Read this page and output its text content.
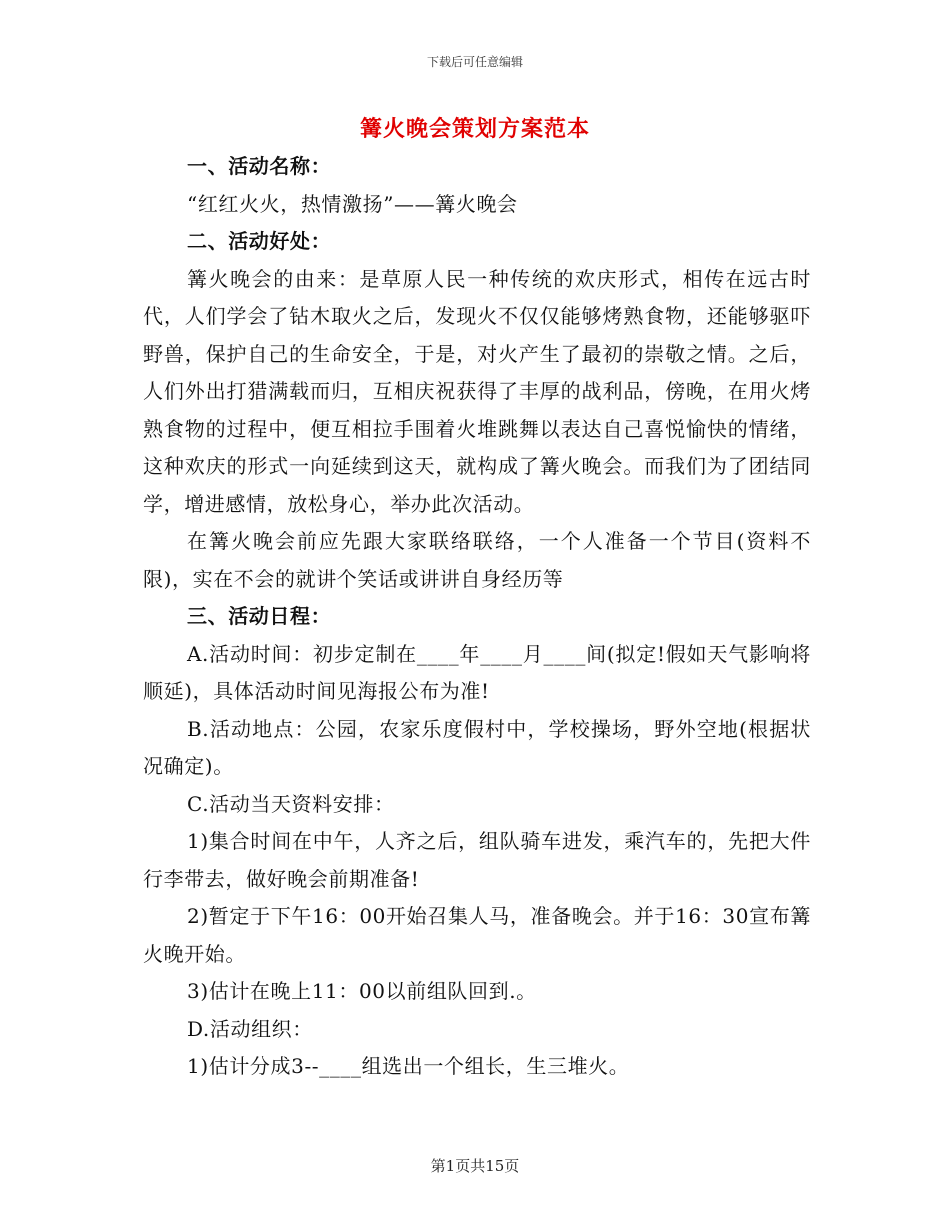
下载后可任意编辑
篝火晚会策划方案范本

一、活动名称：

“红红火火，热情激扬”——篝火晚会

二、活动好处：

篝火晚会的由来：是草原人民一种传统的欢庆形式，相传在远古时代，人们学会了钻木取火之后，发现火不仅仅能够烤熟食物，还能够驱吓野兽，保护自己的生命安全，于是，对火产生了最初的崇敬之情。之后，人们外出打猎满载而归，互相庆祝获得了丰厚的战利品，傍晚，在用火烤熟食物的过程中，便互相拉手围着火堆跳舞以表达自己喜悦愉快的情绪，这种欢庆的形式一向延续到这天，就构成了篝火晚会。而我们为了团结同学，增进感情，放松身心，举办此次活动。

在篝火晚会前应先跟大家联络联络，一个人准备一个节目(资料不限)，实在不会的就讲个笑话或讲讲自身经历等

三、活动日程：

A.活动时间：初步定制在____年____月____间(拟定!假如天气影响将顺延)，具体活动时间见海报公布为准!

B.活动地点：公园，农家乐度假村中，学校操场，野外空地(根据状况确定)。

C.活动当天资料安排：

1)集合时间在中午，人齐之后，组队骑车进发，乘汽车的，先把大件行李带去，做好晚会前期准备!

2)暂定于下午16：00开始召集人马，准备晚会。并于16：30宣布篝火晚开始。

3)估计在晚上11：00以前组队回到.。

D.活动组织：

1)估计分成3--____组选出一个组长，生三堆火。

第1页共15页
